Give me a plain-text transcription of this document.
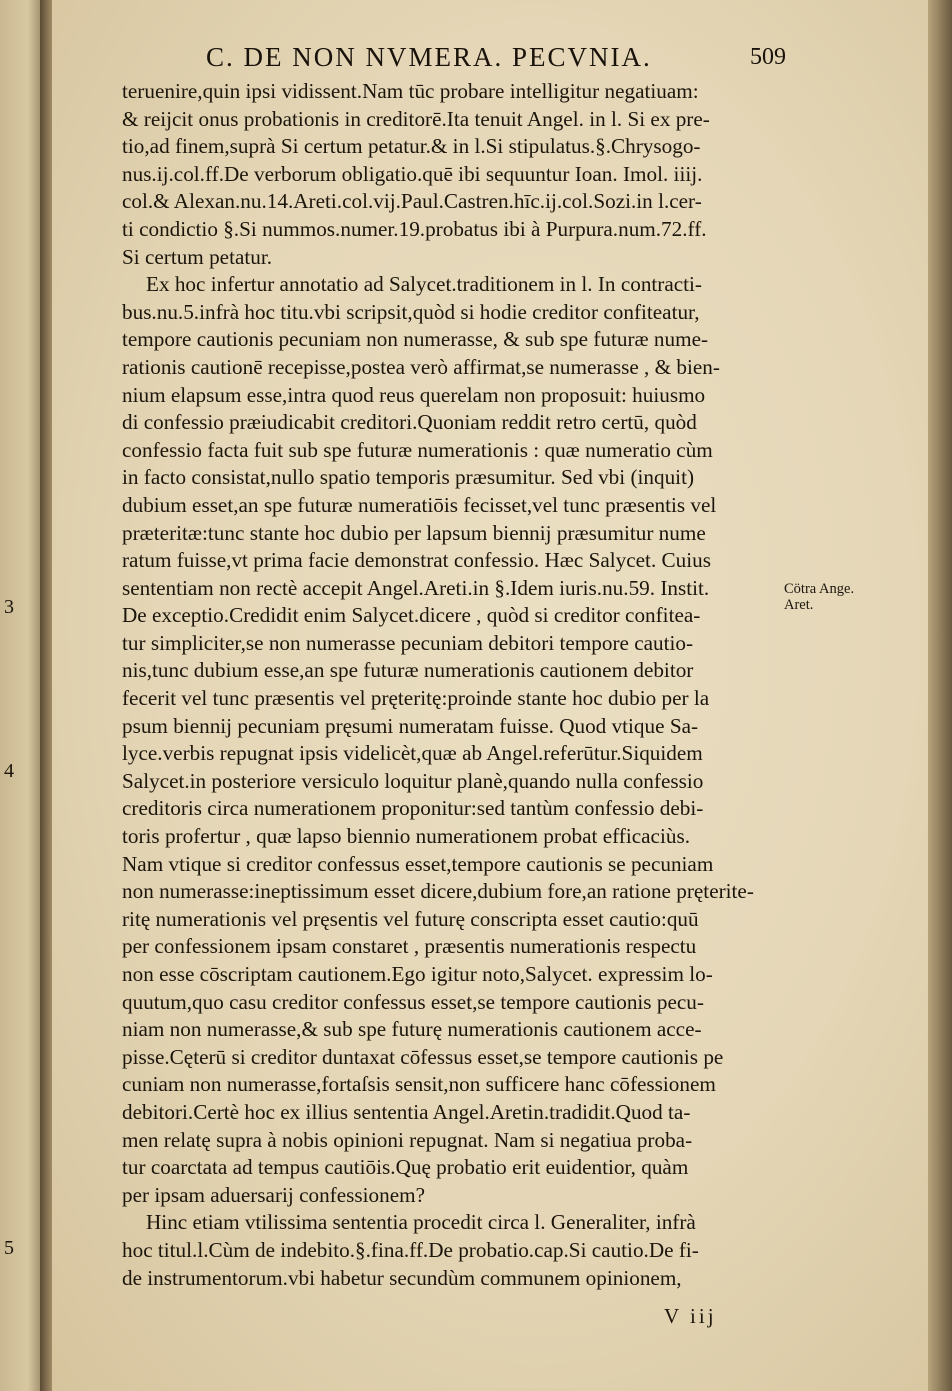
3
4
5
C. DE NON NVMERA. PECVNIA.	509
teruenire,quin ipsi vidissent.Nam tūc probare intelligitur negatiuam:
& reijcit onus probationis in creditorē.Ita tenuit Angel. in l. Si ex pre-
tio,ad finem,suprà Si certum petatur.& in l.Si stipulatus.§.Chrysogo-
nus.ij.col.ff.De verborum obligatio.quē ibi sequuntur Ioan. Imol. iiij.
col.& Alexan.nu.14.Areti.col.vij.Paul.Castren.hīc.ij.col.Sozi.in l.cer-
ti condictio §.Si nummos.numer.19.probatus ibi à Purpura.num.72.ff.
Si certum petatur.
Ex hoc infertur annotatio ad Salycet.traditionem in l. In contracti-
bus.nu.5.infrà hoc titu.vbi scripsit,quòd si hodie creditor confiteatur,
tempore cautionis pecuniam non numerasse, & sub spe futuræ nume-
rationis cautionē recepisse,postea verò affirmat,se numerasse , & bien-
nium elapsum esse,intra quod reus querelam non proposuit: huiusmo
di confessio præiudicabit creditori.Quoniam reddit retro certū, quòd
confessio facta fuit sub spe futuræ numerationis : quæ numeratio cùm
in facto consistat,nullo spatio temporis præsumitur. Sed vbi (inquit)
dubium esset,an spe futuræ numeratiōis fecisset,vel tunc præsentis vel
præteritæ:tunc stante hoc dubio per lapsum biennij præsumitur nume
ratum fuisse,vt prima facie demonstrat confessio. Hæc Salycet. Cuius
sententiam non rectè accepit Angel.Areti.in §.Idem iuris.nu.59. Instit.
De exceptio.Credidit enim Salycet.dicere , quòd si creditor confitea-
tur simpliciter,se non numerasse pecuniam debitori tempore cautio-
nis,tunc dubium esse,an spe futuræ numerationis cautionem debitor
fecerit vel tunc præsentis vel pręteritę:proinde stante hoc dubio per la
psum biennij pecuniam pręsumi numeratam fuisse. Quod vtique Sa-
lyce.verbis repugnat ipsis videlicèt,quæ ab Angel.referūtur.Siquidem
Salycet.in posteriore versiculo loquitur planè,quando nulla confessio
creditoris circa numerationem proponitur:sed tantùm confessio debi-
toris profertur , quæ lapso biennio numerationem probat efficaciùs.
Nam vtique si creditor confessus esset,tempore cautionis se pecuniam
non numerasse:ineptissimum esset dicere,dubium fore,an ratione pręterite-
ritę numerationis vel pręsentis vel futurę conscripta esset cautio:quū
per confessionem ipsam constaret , præsentis numerationis respectu
non esse cōscriptam cautionem.Ego igitur noto,Salycet. expressim lo-
quutum,quo casu creditor confessus esset,se tempore cautionis pecu-
niam non numerasse,& sub spe futurę numerationis cautionem acce-
pisse.Cęterū si creditor duntaxat cōfessus esset,se tempore cautionis pe
cuniam non numerasse,fortaſsis sensit,non sufficere hanc cōfessionem
debitori.Certè hoc ex illius sententia Angel.Aretin.tradidit.Quod ta-
men relatę supra à nobis opinioni repugnat. Nam si negatiua proba-
tur coarctata ad tempus cautiōis.Quę probatio erit euidentior, quàm
per ipsam aduersarij confessionem?
Hinc etiam vtilissima sententia procedit circa l. Generaliter, infrà
hoc titul.l.Cùm de indebito.§.fina.ff.De probatio.cap.Si cautio.De fi-
de instrumentorum.vbi habetur secundùm communem opinionem,
Cötra Ange.
Aret.
V iij
